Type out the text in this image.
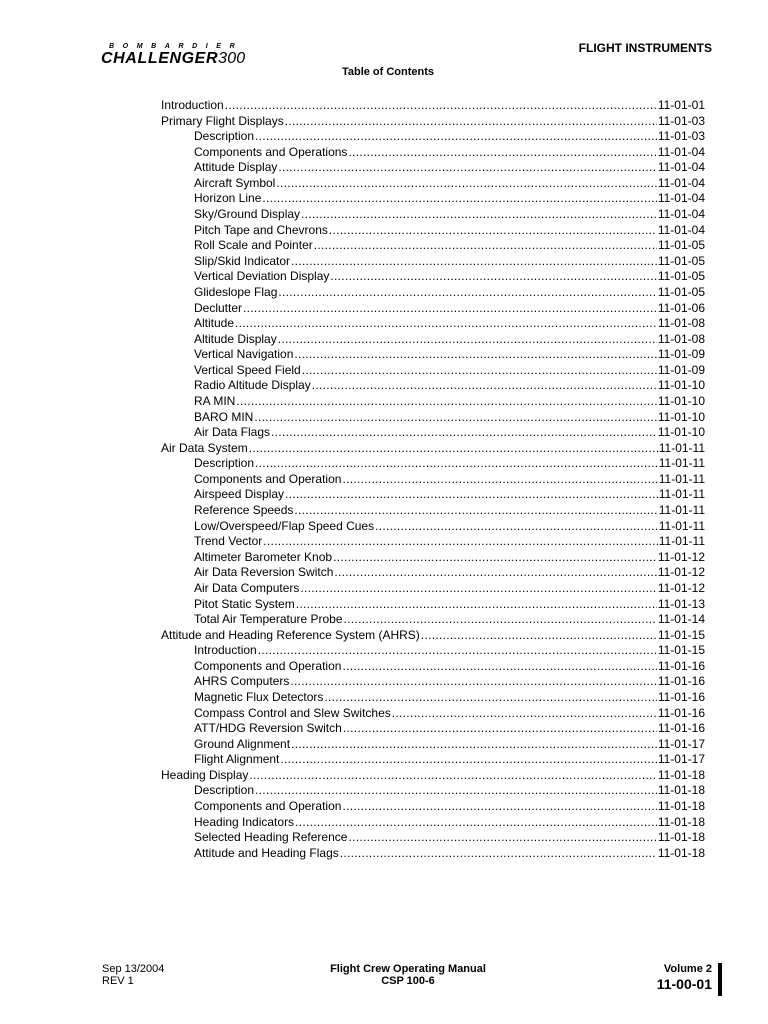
BOMBARDIER
CHALLENGER300
FLIGHT INSTRUMENTS
Table of Contents
Introduction .....	11-01-01
Primary Flight Displays .....	11-01-03
Description .....	11-01-03
Components and Operations .....	11-01-04
Attitude Display .....	11-01-04
Aircraft Symbol .....	11-01-04
Horizon Line .....	11-01-04
Sky/Ground Display .....	11-01-04
Pitch Tape and Chevrons .....	11-01-04
Roll Scale and Pointer .....	11-01-05
Slip/Skid Indicator .....	11-01-05
Vertical Deviation Display .....	11-01-05
Glideslope Flag .....	11-01-05
Declutter .....	11-01-06
Altitude .....	11-01-08
Altitude Display .....	11-01-08
Vertical Navigation .....	11-01-09
Vertical Speed Field .....	11-01-09
Radio Altitude Display .....	11-01-10
RA MIN .....	11-01-10
BARO MIN .....	11-01-10
Air Data Flags .....	11-01-10
Air Data System .....	11-01-11
Description .....	11-01-11
Components and Operation .....	11-01-11
Airspeed Display .....	11-01-11
Reference Speeds .....	11-01-11
Low/Overspeed/Flap Speed Cues .....	11-01-11
Trend Vector .....	11-01-11
Altimeter Barometer Knob .....	11-01-12
Air Data Reversion Switch .....	11-01-12
Air Data Computers .....	11-01-12
Pitot Static System .....	11-01-13
Total Air Temperature Probe .....	11-01-14
Attitude and Heading Reference System (AHRS) .....	11-01-15
Introduction .....	11-01-15
Components and Operation .....	11-01-16
AHRS Computers .....	11-01-16
Magnetic Flux Detectors .....	11-01-16
Compass Control and Slew Switches .....	11-01-16
ATT/HDG Reversion Switch .....	11-01-16
Ground Alignment .....	11-01-17
Flight Alignment .....	11-01-17
Heading Display .....	11-01-18
Description .....	11-01-18
Components and Operation .....	11-01-18
Heading Indicators .....	11-01-18
Selected Heading Reference .....	11-01-18
Attitude and Heading Flags .....	11-01-18
Sep 13/2004
REV 1
Flight Crew Operating Manual
CSP 100-6
Volume 2
11-00-01
